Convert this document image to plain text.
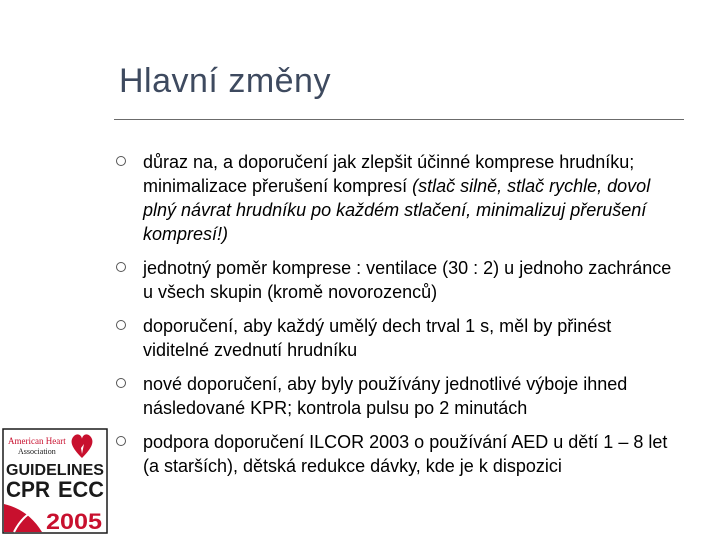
Hlavní změny
důraz na, a doporučení jak zlepšit účinné komprese hrudníku; minimalizace přerušení kompresí (stlač silně, stlač rychle, dovol plný návrat hrudníku po každém stlačení, minimalizuj přerušení kompresí!)
jednotný poměr komprese : ventilace (30 : 2) u jednoho zachránce u všech skupin (kromě novorozenců)
doporučení, aby každý umělý dech trval 1 s, měl by přinést viditelné zvednutí hrudníku
nové doporučení, aby byly používány jednotlivé výboje ihned následované KPR; kontrola pulsu po 2 minutách
podpora doporučení ILCOR 2003 o používání AED u dětí 1 – 8 let (a starších), dětská redukce dávky, kde je k dispozici
American Heart
Association
GUIDELINES
CPR ECC
2005
